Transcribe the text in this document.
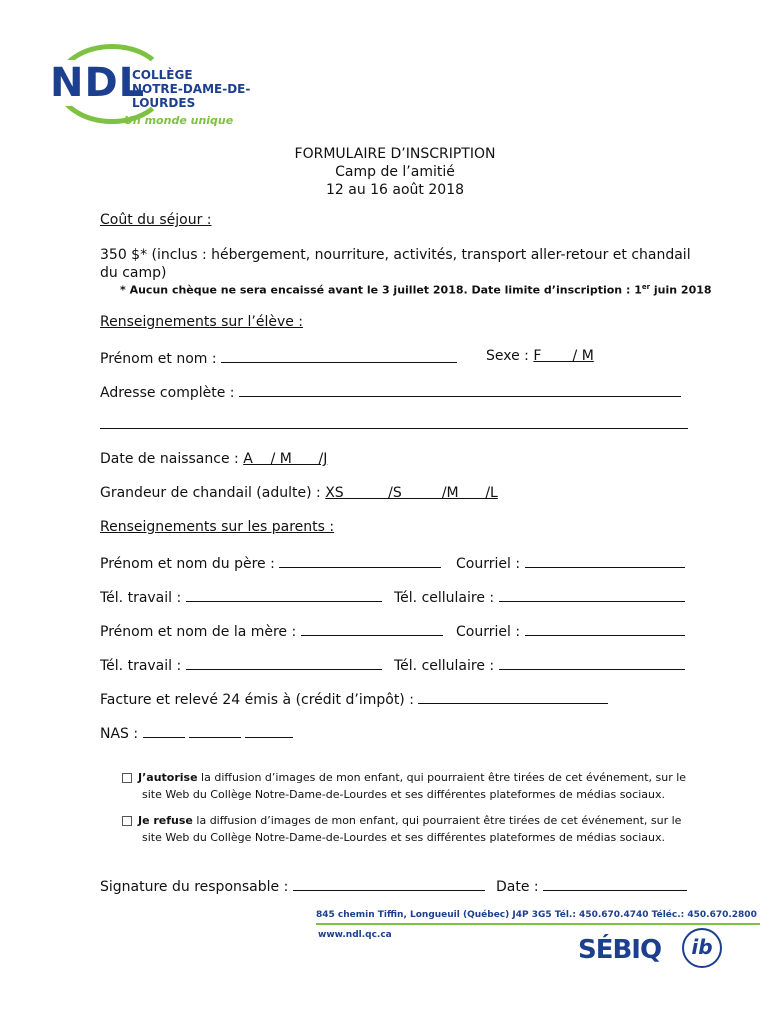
NDL
COLLÈGE
NOTRE-DAME-DE-LOURDES
Un monde unique
FORMULAIRE D’INSCRIPTION
Camp de l’amitié
12 au 16 août 2018
Coût du séjour :
350 $* (inclus : hébergement, nourriture, activités, transport aller-retour et chandail
du camp)
* Aucun chèque ne sera encaissé avant le 3 juillet 2018. Date limite d’inscription : 1er juin 2018
Renseignements sur l’élève :
Prénom et nom :	Sexe : F       / M
Adresse complète :
Date de naissance : A    / M      /J
Grandeur de chandail (adulte) : XS          /S         /M      /L
Renseignements sur les parents :
Prénom et nom du père :	Courriel :
Tél. travail :	Tél. cellulaire :
Prénom et nom de la mère :	Courriel :
Tél. travail :	Tél. cellulaire :
Facture et relevé 24 émis à (crédit d’impôt) :
NAS :
J’autorise la diffusion d’images de mon enfant, qui pourraient être tirées de cet événement, sur le
site Web du Collège Notre-Dame-de-Lourdes et ses différentes plateformes de médias sociaux.
Je refuse la diffusion d’images de mon enfant, qui pourraient être tirées de cet événement, sur le
site Web du Collège Notre-Dame-de-Lourdes et ses différentes plateformes de médias sociaux.
Signature du responsable :	Date :
845 chemin Tiffin, Longueuil (Québec) J4P 3G5 Tél.: 450.670.4740 Téléc.: 450.670.2800
www.ndl.qc.ca	SÉBIQ	ib
